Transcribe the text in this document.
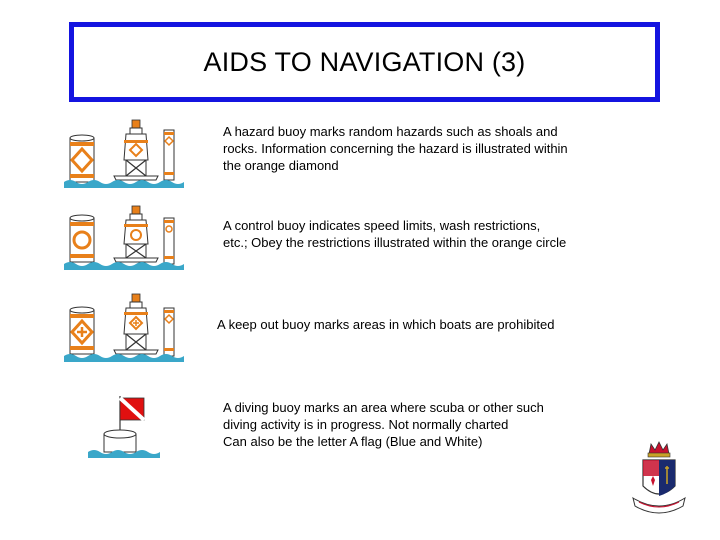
AIDS TO NAVIGATION (3)
A hazard buoy marks random hazards such as shoals and
rocks. Information concerning the hazard is illustrated within
the orange diamond
A control buoy indicates speed limits, wash restrictions,
etc.; Obey the restrictions illustrated within the orange circle
A keep out buoy marks areas in which boats are prohibited
A diving buoy marks an area where scuba or other such
diving activity is in progress. Not normally charted
Can also be the letter A flag (Blue and White)
